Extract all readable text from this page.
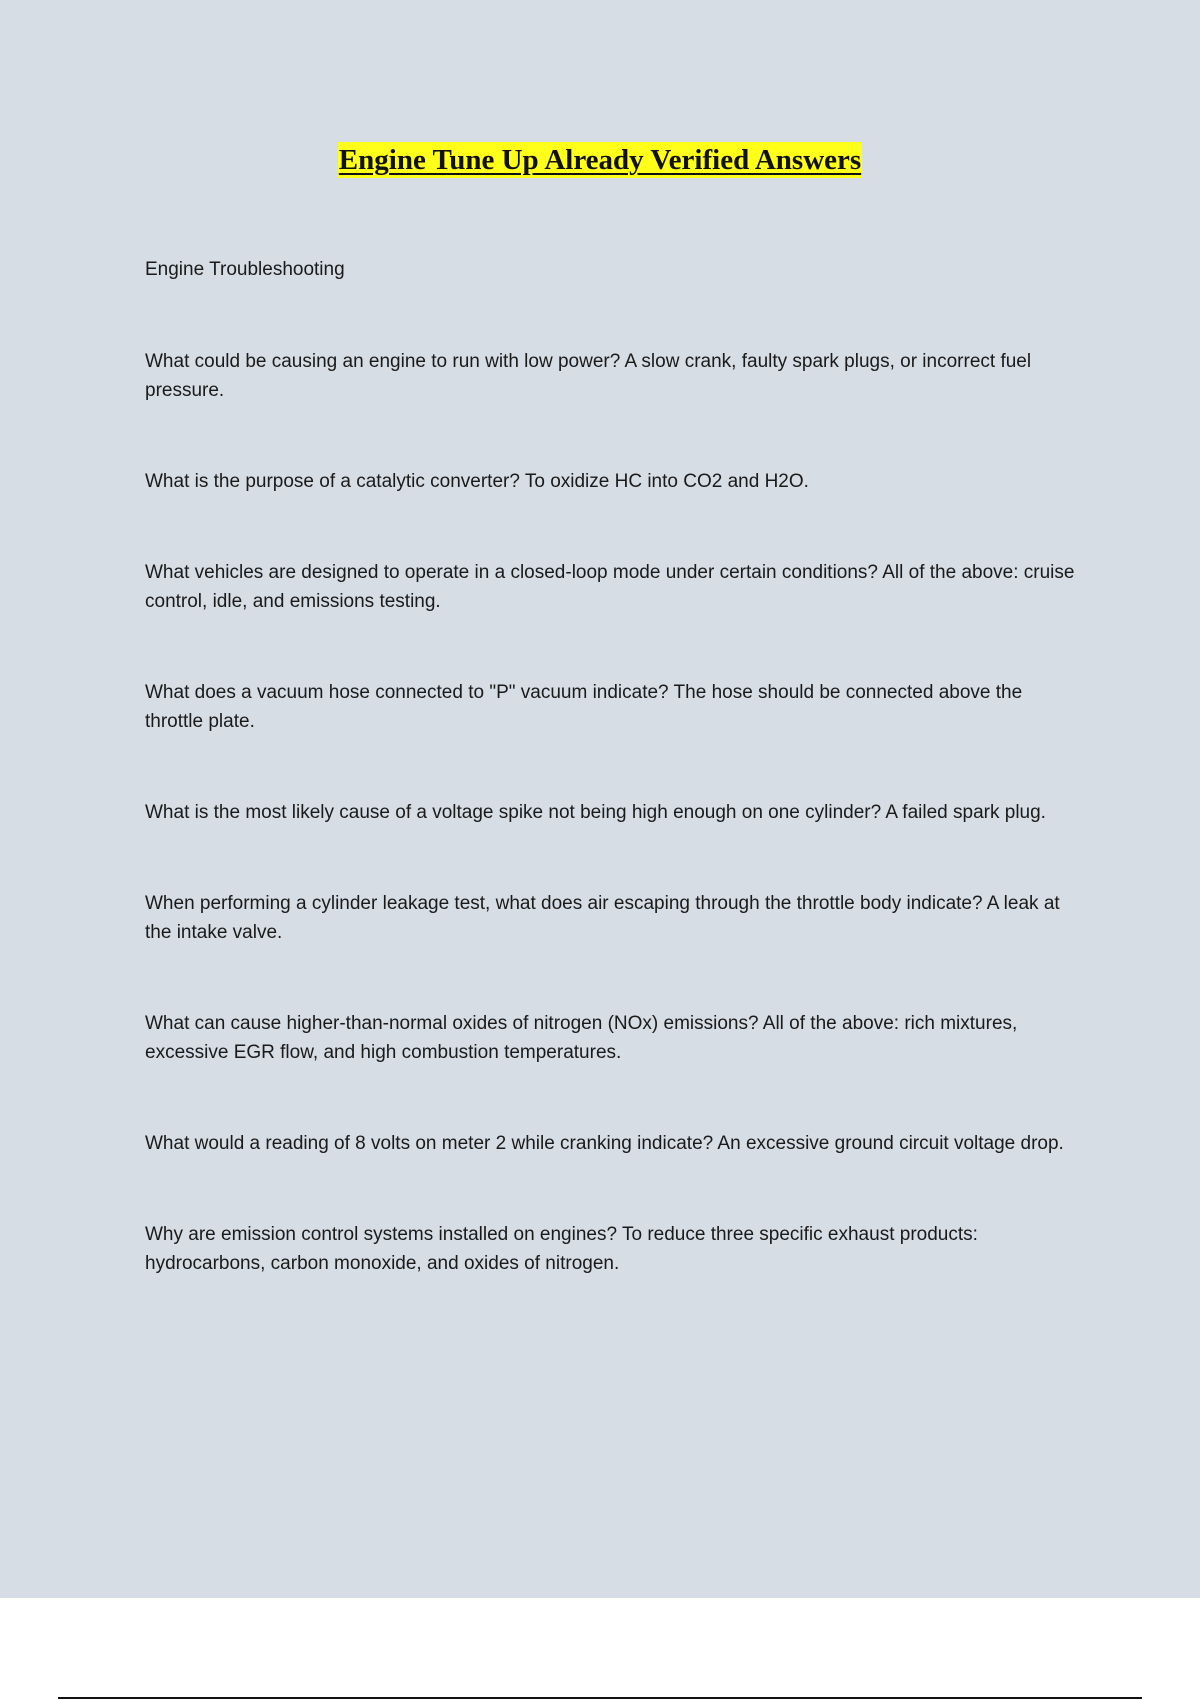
Engine Tune Up Already Verified Answers
Engine Troubleshooting

What could be causing an engine to run with low power? A slow crank, faulty spark plugs, or incorrect fuel pressure.

What is the purpose of a catalytic converter? To oxidize HC into CO2 and H2O.

What vehicles are designed to operate in a closed-loop mode under certain conditions? All of the above: cruise control, idle, and emissions testing.

What does a vacuum hose connected to "P" vacuum indicate? The hose should be connected above the throttle plate.

What is the most likely cause of a voltage spike not being high enough on one cylinder? A failed spark plug.

When performing a cylinder leakage test, what does air escaping through the throttle body indicate? A leak at the intake valve.

What can cause higher-than-normal oxides of nitrogen (NOx) emissions? All of the above: rich mixtures, excessive EGR flow, and high combustion temperatures.

What would a reading of 8 volts on meter 2 while cranking indicate? An excessive ground circuit voltage drop.

Why are emission control systems installed on engines? To reduce three specific exhaust products: hydrocarbons, carbon monoxide, and oxides of nitrogen.
